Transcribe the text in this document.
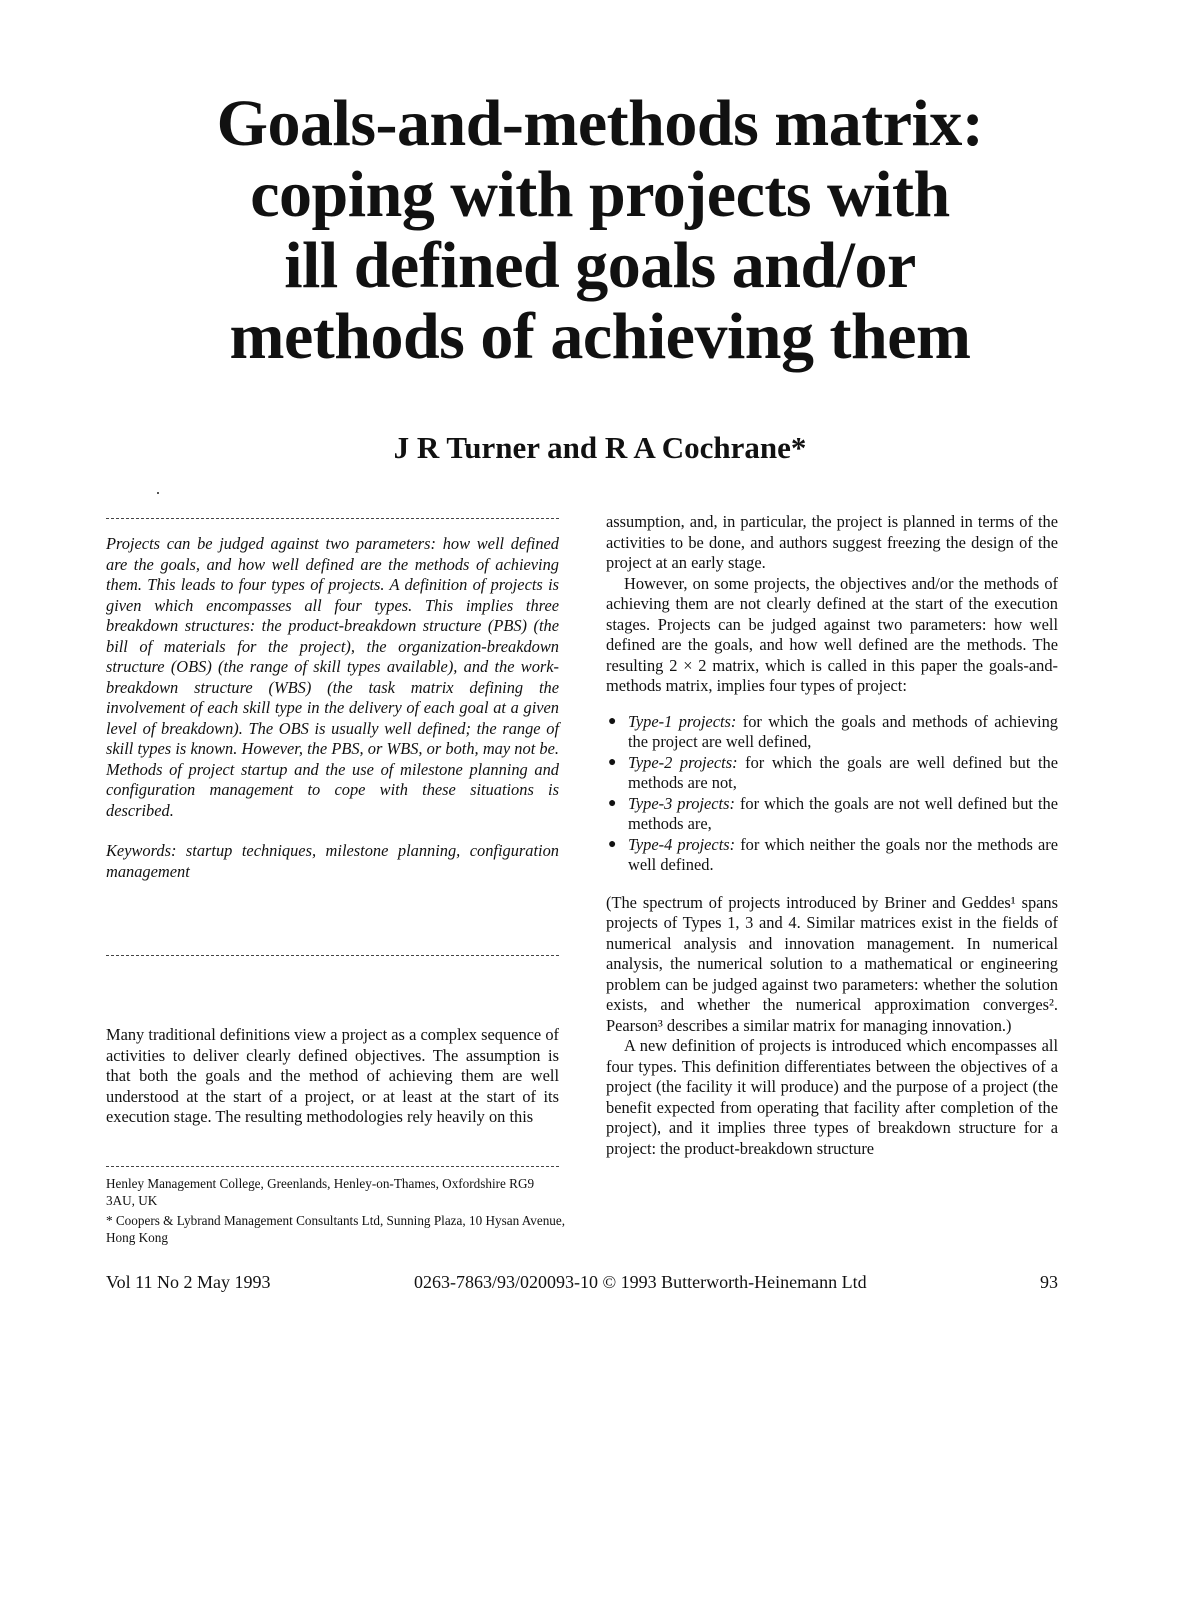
Goals-and-methods matrix:
coping with projects with
ill defined goals and/or
methods of achieving them
J R Turner and R A Cochrane*

Projects can be judged against two parameters: how well defined are the goals, and how well defined are the methods of achieving them. This leads to four types of projects. A definition of projects is given which encompasses all four types. This implies three breakdown structures: the product-breakdown structure (PBS) (the bill of materials for the project), the organization-breakdown structure (OBS) (the range of skill types available), and the work-breakdown structure (WBS) (the task matrix defining the involvement of each skill type in the delivery of each goal at a given level of breakdown). The OBS is usually well defined; the range of skill types is known. However, the PBS, or WBS, or both, may not be. Methods of project startup and the use of milestone planning and configuration management to cope with these situations is described.

Keywords: startup techniques, milestone planning, configuration management

Many traditional definitions view a project as a complex sequence of activities to deliver clearly defined objectives. The assumption is that both the goals and the method of achieving them are well understood at the start of a project, or at least at the start of its execution stage. The resulting methodologies rely heavily on this

Henley Management College, Greenlands, Henley-on-Thames, Oxfordshire RG9 3AU, UK

* Coopers & Lybrand Management Consultants Ltd, Sunning Plaza, 10 Hysan Avenue, Hong Kong

assumption, and, in particular, the project is planned in terms of the activities to be done, and authors suggest freezing the design of the project at an early stage.

However, on some projects, the objectives and/or the methods of achieving them are not clearly defined at the start of the execution stages. Projects can be judged against two parameters: how well defined are the goals, and how well defined are the methods. The resulting 2 × 2 matrix, which is called in this paper the goals-and-methods matrix, implies four types of project:

● Type-1 projects: for which the goals and methods of achieving the project are well defined,
● Type-2 projects: for which the goals are well defined but the methods are not,
● Type-3 projects: for which the goals are not well defined but the methods are,
● Type-4 projects: for which neither the goals nor the methods are well defined.

(The spectrum of projects introduced by Briner and Geddes¹ spans projects of Types 1, 3 and 4. Similar matrices exist in the fields of numerical analysis and innovation management. In numerical analysis, the numerical solution to a mathematical or engineering problem can be judged against two parameters: whether the solution exists, and whether the numerical approximation converges². Pearson³ describes a similar matrix for managing innovation.)

A new definition of projects is introduced which encompasses all four types. This definition differentiates between the objectives of a project (the facility it will produce) and the purpose of a project (the benefit expected from operating that facility after completion of the project), and it implies three types of breakdown structure for a project: the product-breakdown structure

Vol 11 No 2 May 1993	0263-7863/93/020093-10 © 1993 Butterworth-Heinemann Ltd	93
